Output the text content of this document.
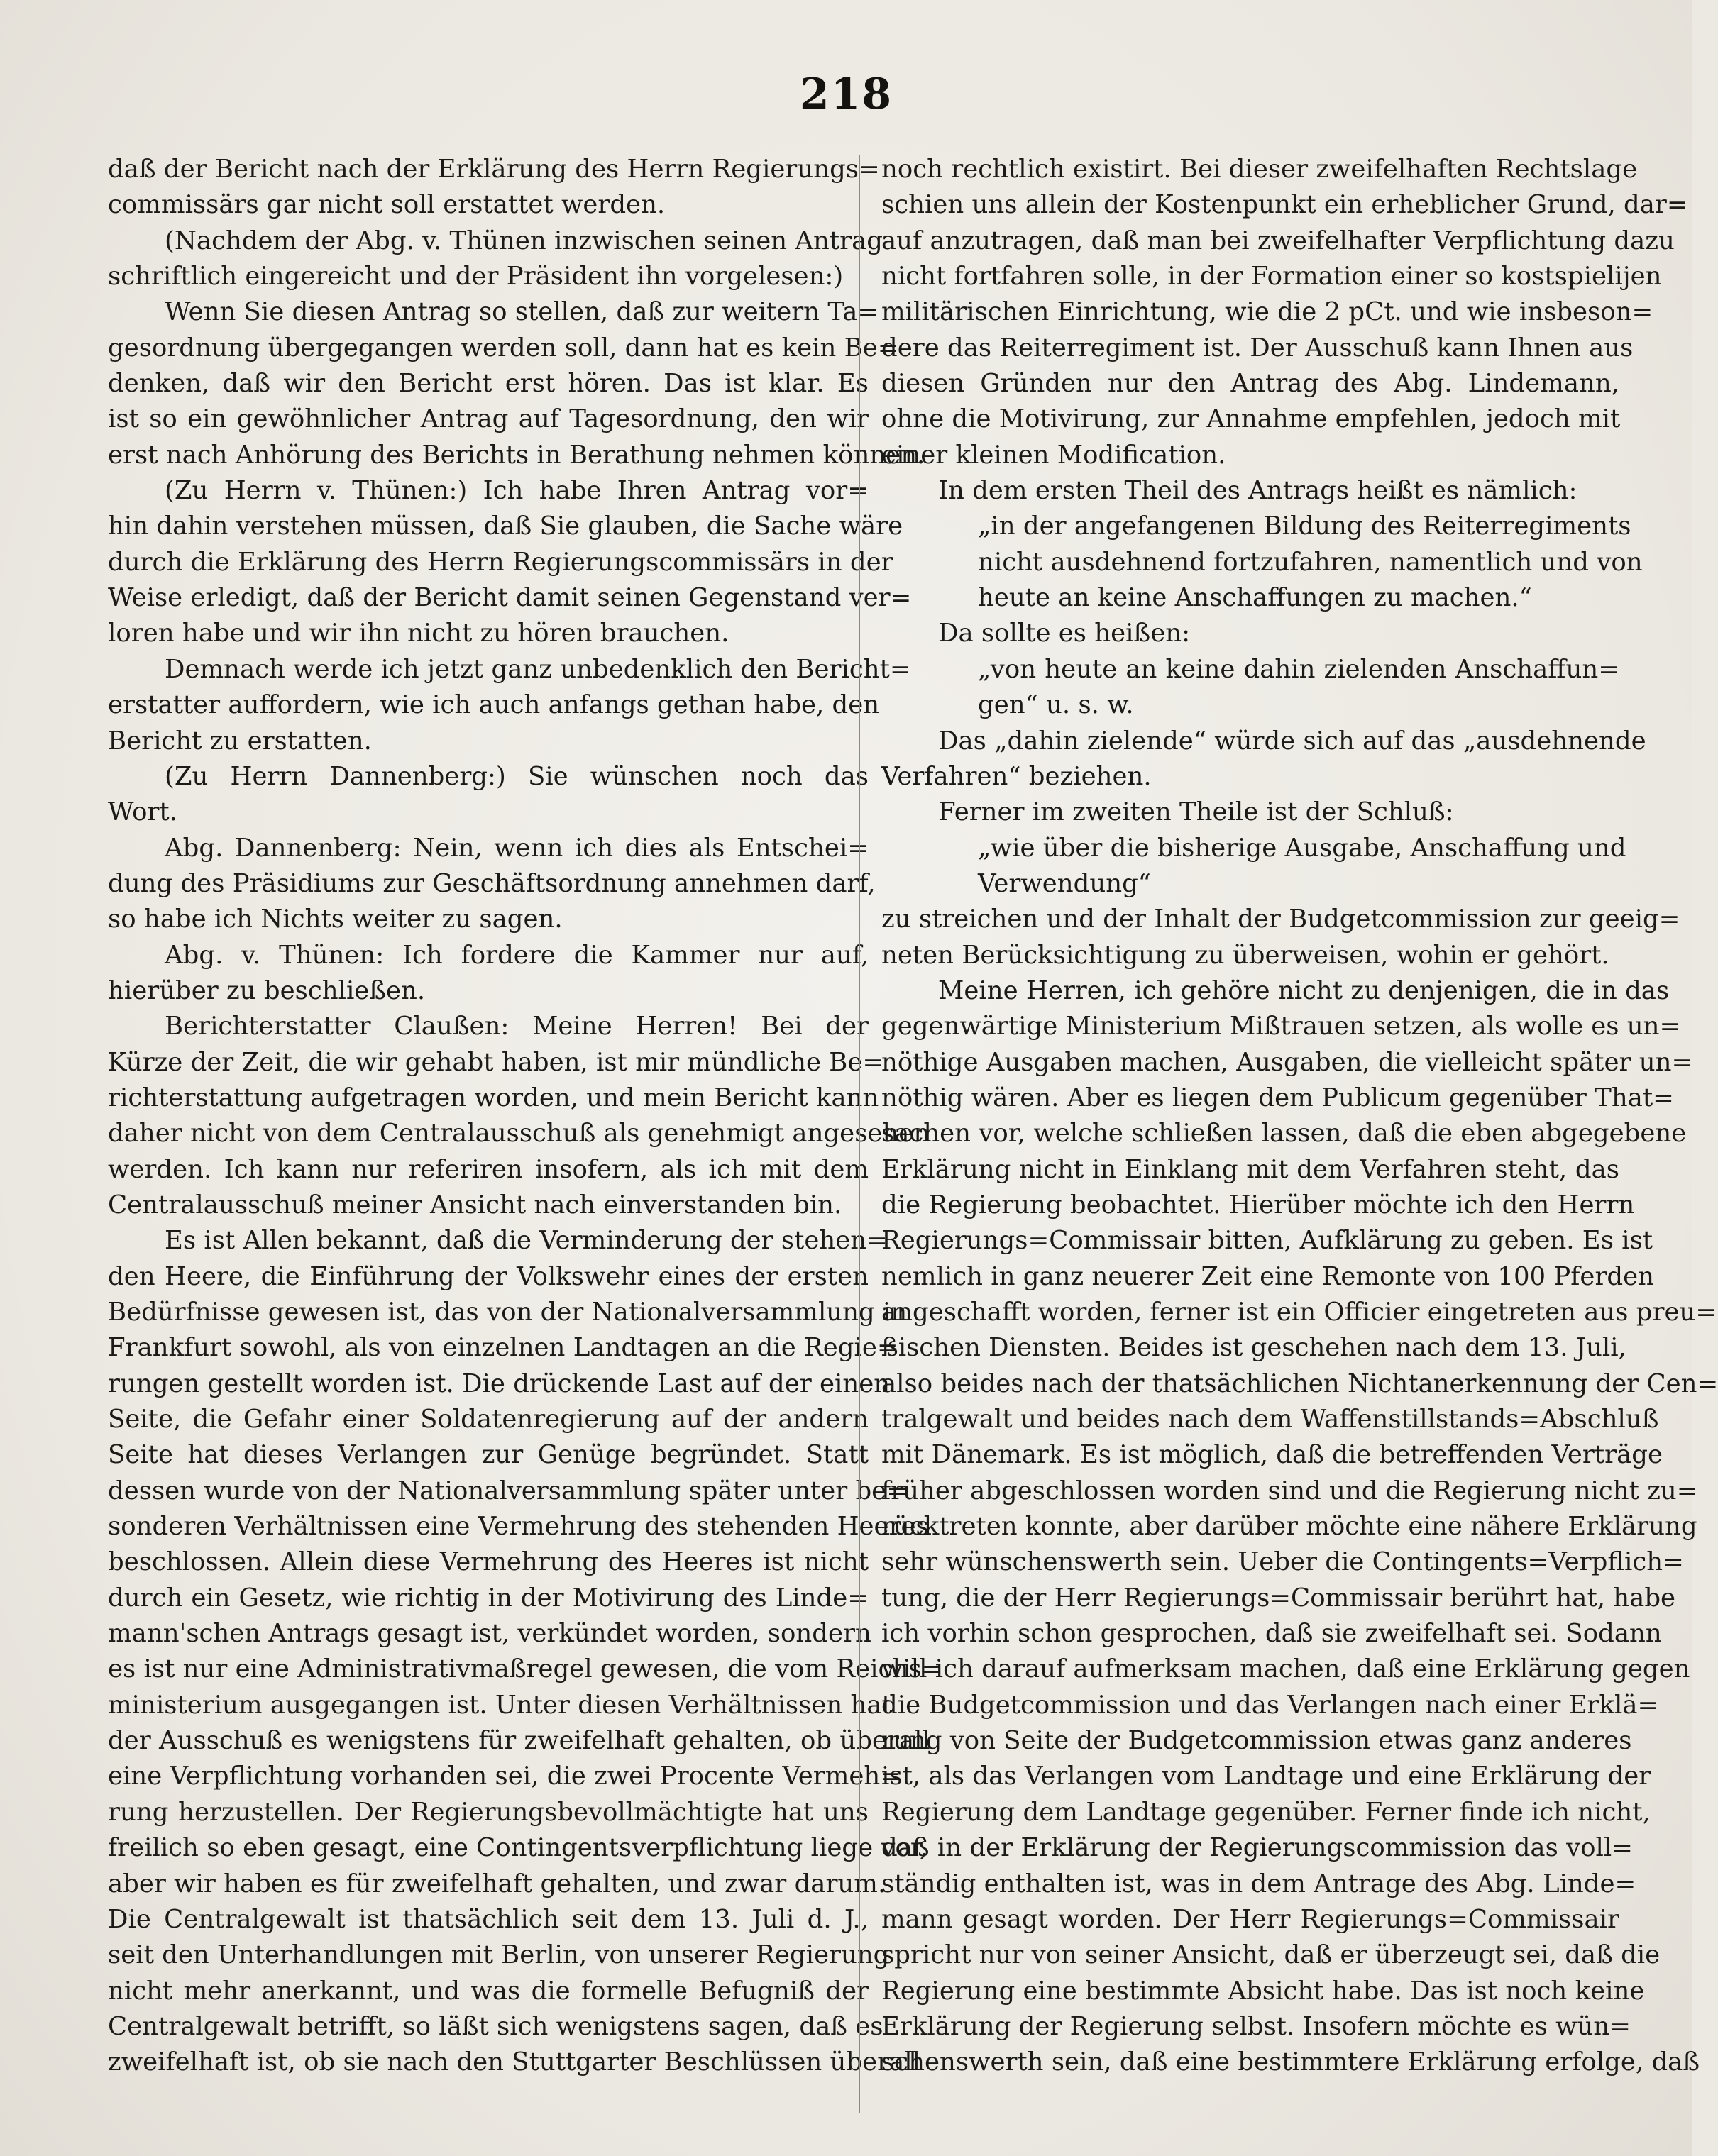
218
daß der Bericht nach der Erklärung des Herrn Regierungs=
commissärs gar nicht soll erstattet werden.
(Nachdem der Abg. v. Thünen inzwischen seinen Antrag
schriftlich eingereicht und der Präsident ihn vorgelesen:)
Wenn Sie diesen Antrag so stellen, daß zur weitern Ta=
gesordnung übergegangen werden soll, dann hat es kein Be=
denken, daß wir den Bericht erst hören. Das ist klar. Es
ist so ein gewöhnlicher Antrag auf Tagesordnung, den wir
erst nach Anhörung des Berichts in Berathung nehmen können.
(Zu Herrn v. Thünen:) Ich habe Ihren Antrag vor=
hin dahin verstehen müssen, daß Sie glauben, die Sache wäre
durch die Erklärung des Herrn Regierungscommissärs in der
Weise erledigt, daß der Bericht damit seinen Gegenstand ver=
loren habe und wir ihn nicht zu hören brauchen.
Demnach werde ich jetzt ganz unbedenklich den Bericht=
erstatter auffordern, wie ich auch anfangs gethan habe, den
Bericht zu erstatten.
(Zu Herrn Dannenberg:) Sie wünschen noch das
Wort.
Abg. Dannenberg: Nein, wenn ich dies als Entschei=
dung des Präsidiums zur Geschäftsordnung annehmen darf,
so habe ich Nichts weiter zu sagen.
Abg. v. Thünen: Ich fordere die Kammer nur auf,
hierüber zu beschließen.
Berichterstatter Claußen: Meine Herren! Bei der
Kürze der Zeit, die wir gehabt haben, ist mir mündliche Be=
richterstattung aufgetragen worden, und mein Bericht kann
daher nicht von dem Centralausschuß als genehmigt angesehen
werden. Ich kann nur referiren insofern, als ich mit dem
Centralausschuß meiner Ansicht nach einverstanden bin.
Es ist Allen bekannt, daß die Verminderung der stehen=
den Heere, die Einführung der Volkswehr eines der ersten
Bedürfnisse gewesen ist, das von der Nationalversammlung in
Frankfurt sowohl, als von einzelnen Landtagen an die Regie=
rungen gestellt worden ist. Die drückende Last auf der einen
Seite, die Gefahr einer Soldatenregierung auf der andern
Seite hat dieses Verlangen zur Genüge begründet. Statt
dessen wurde von der Nationalversammlung später unter be=
sonderen Verhältnissen eine Vermehrung des stehenden Heeres
beschlossen. Allein diese Vermehrung des Heeres ist nicht
durch ein Gesetz, wie richtig in der Motivirung des Linde=
mann'schen Antrags gesagt ist, verkündet worden, sondern
es ist nur eine Administrativmaßregel gewesen, die vom Reichs=
ministerium ausgegangen ist. Unter diesen Verhältnissen hat
der Ausschuß es wenigstens für zweifelhaft gehalten, ob überall
eine Verpflichtung vorhanden sei, die zwei Procente Vermeh=
rung herzustellen. Der Regierungsbevollmächtigte hat uns
freilich so eben gesagt, eine Contingentsverpflichtung liege vor,
aber wir haben es für zweifelhaft gehalten, und zwar darum.
Die Centralgewalt ist thatsächlich seit dem 13. Juli d. J.,
seit den Unterhandlungen mit Berlin, von unserer Regierung
nicht mehr anerkannt, und was die formelle Befugniß der
Centralgewalt betrifft, so läßt sich wenigstens sagen, daß es
zweifelhaft ist, ob sie nach den Stuttgarter Beschlüssen überall
noch rechtlich existirt. Bei dieser zweifelhaften Rechtslage
schien uns allein der Kostenpunkt ein erheblicher Grund, dar=
auf anzutragen, daß man bei zweifelhafter Verpflichtung dazu
nicht fortfahren solle, in der Formation einer so kostspielijen
militärischen Einrichtung, wie die 2 pCt. und wie insbeson=
dere das Reiterregiment ist. Der Ausschuß kann Ihnen aus
diesen Gründen nur den Antrag des Abg. Lindemann,
ohne die Motivirung, zur Annahme empfehlen, jedoch mit
einer kleinen Modification.
In dem ersten Theil des Antrags heißt es nämlich:
„in der angefangenen Bildung des Reiterregiments
nicht ausdehnend fortzufahren, namentlich und von
heute an keine Anschaffungen zu machen.“
Da sollte es heißen:
„von heute an keine dahin zielenden Anschaffun=
gen“ u. s. w.
Das „dahin zielende“ würde sich auf das „ausdehnende
Verfahren“ beziehen.
Ferner im zweiten Theile ist der Schluß:
„wie über die bisherige Ausgabe, Anschaffung und
Verwendung“
zu streichen und der Inhalt der Budgetcommission zur geeig=
neten Berücksichtigung zu überweisen, wohin er gehört.
Meine Herren, ich gehöre nicht zu denjenigen, die in das
gegenwärtige Ministerium Mißtrauen setzen, als wolle es un=
nöthige Ausgaben machen, Ausgaben, die vielleicht später un=
nöthig wären. Aber es liegen dem Publicum gegenüber That=
sachen vor, welche schließen lassen, daß die eben abgegebene
Erklärung nicht in Einklang mit dem Verfahren steht, das
die Regierung beobachtet. Hierüber möchte ich den Herrn
Regierungs=Commissair bitten, Aufklärung zu geben. Es ist
nemlich in ganz neuerer Zeit eine Remonte von 100 Pferden
angeschafft worden, ferner ist ein Officier eingetreten aus preu=
ßischen Diensten. Beides ist geschehen nach dem 13. Juli,
also beides nach der thatsächlichen Nichtanerkennung der Cen=
tralgewalt und beides nach dem Waffenstillstands=Abschluß
mit Dänemark. Es ist möglich, daß die betreffenden Verträge
früher abgeschlossen worden sind und die Regierung nicht zu=
rücktreten konnte, aber darüber möchte eine nähere Erklärung
sehr wünschenswerth sein. Ueber die Contingents=Verpflich=
tung, die der Herr Regierungs=Commissair berührt hat, habe
ich vorhin schon gesprochen, daß sie zweifelhaft sei. Sodann
will ich darauf aufmerksam machen, daß eine Erklärung gegen
die Budgetcommission und das Verlangen nach einer Erklä=
rung von Seite der Budgetcommission etwas ganz anderes
ist, als das Verlangen vom Landtage und eine Erklärung der
Regierung dem Landtage gegenüber. Ferner finde ich nicht,
daß in der Erklärung der Regierungscommission das voll=
ständig enthalten ist, was in dem Antrage des Abg. Linde=
mann gesagt worden. Der Herr Regierungs=Commissair
spricht nur von seiner Ansicht, daß er überzeugt sei, daß die
Regierung eine bestimmte Absicht habe. Das ist noch keine
Erklärung der Regierung selbst. Insofern möchte es wün=
schenswerth sein, daß eine bestimmtere Erklärung erfolge, daß
